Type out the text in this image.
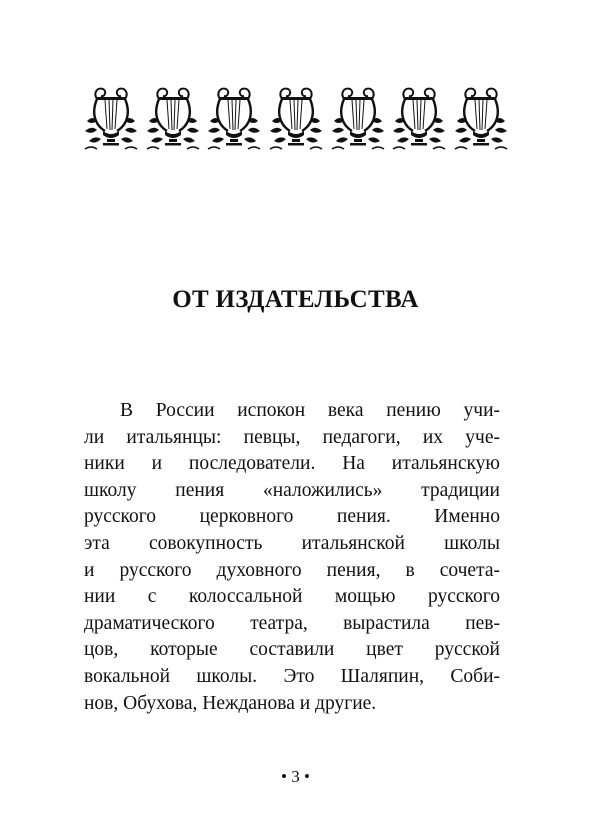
ОТ ИЗДАТЕЛЬСТВА

В России испокон века пению учи-
ли итальянцы: певцы, педагоги, их уче-
ники и последователи. На итальянскую
школу пения «наложились» традиции
русского церковного пения. Именно
эта совокупность итальянской школы
и русского духовного пения, в сочета-
нии с колоссальной мощью русского
драматического театра, вырастила пев-
цов, которые составили цвет русской
вокальной школы. Это Шаляпин, Соби-
нов, Обухова, Нежданова и другие.

• 3 •
